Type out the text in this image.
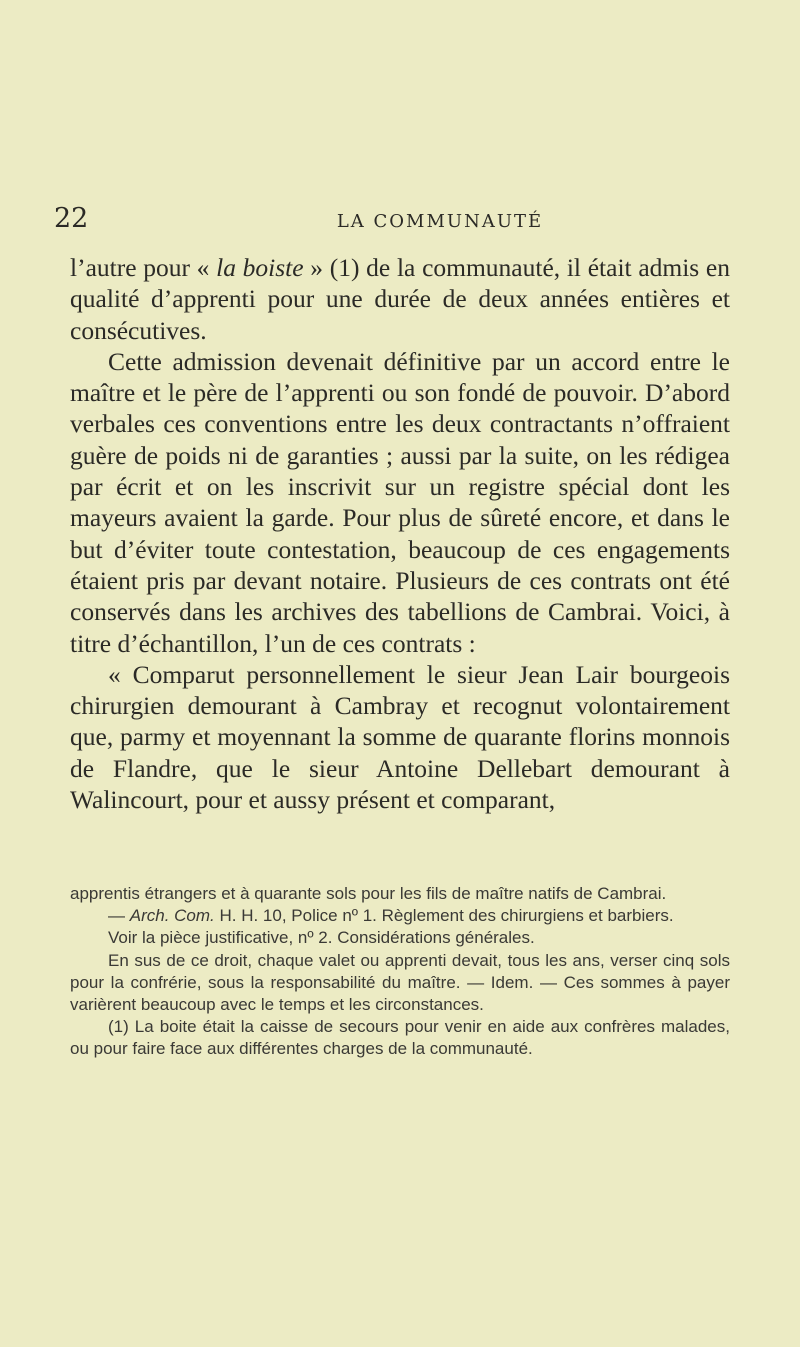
22	LA COMMUNAUTÉ

l’autre pour « la boiste » (1) de la communauté, il était admis en qualité d’apprenti pour une durée de deux années entières et consécutives.

Cette admission devenait définitive par un accord entre le maître et le père de l’apprenti ou son fondé de pouvoir. D’abord verbales ces conventions entre les deux contractants n’offraient guère de poids ni de garanties ; aussi par la suite, on les rédigea par écrit et on les inscrivit sur un registre spécial dont les mayeurs avaient la garde. Pour plus de sûreté encore, et dans le but d’éviter toute contestation, beaucoup de ces engagements étaient pris par devant notaire. Plusieurs de ces contrats ont été conservés dans les archives des tabellions de Cambrai. Voici, à titre d’échantillon, l’un de ces contrats :

« Comparut personnellement le sieur Jean Lair bourgeois chirurgien demourant à Cambray et recognut volontairement que, parmy et moyennant la somme de quarante florins monnois de Flandre, que le sieur Antoine Dellebart demourant à Walincourt, pour et aussy présent et comparant,

apprentis étrangers et à quarante sols pour les fils de maître natifs de Cambrai.

— Arch. Com. H. H. 10, Police nº 1. Règlement des chirurgiens et barbiers.

Voir la pièce justificative, nº 2. Considérations générales.

En sus de ce droit, chaque valet ou apprenti devait, tous les ans, verser cinq sols pour la confrérie, sous la responsabilité du maître. — Idem. — Ces sommes à payer varièrent beaucoup avec le temps et les circonstances.

(1) La boite était la caisse de secours pour venir en aide aux confrères malades, ou pour faire face aux différentes charges de la communauté.
